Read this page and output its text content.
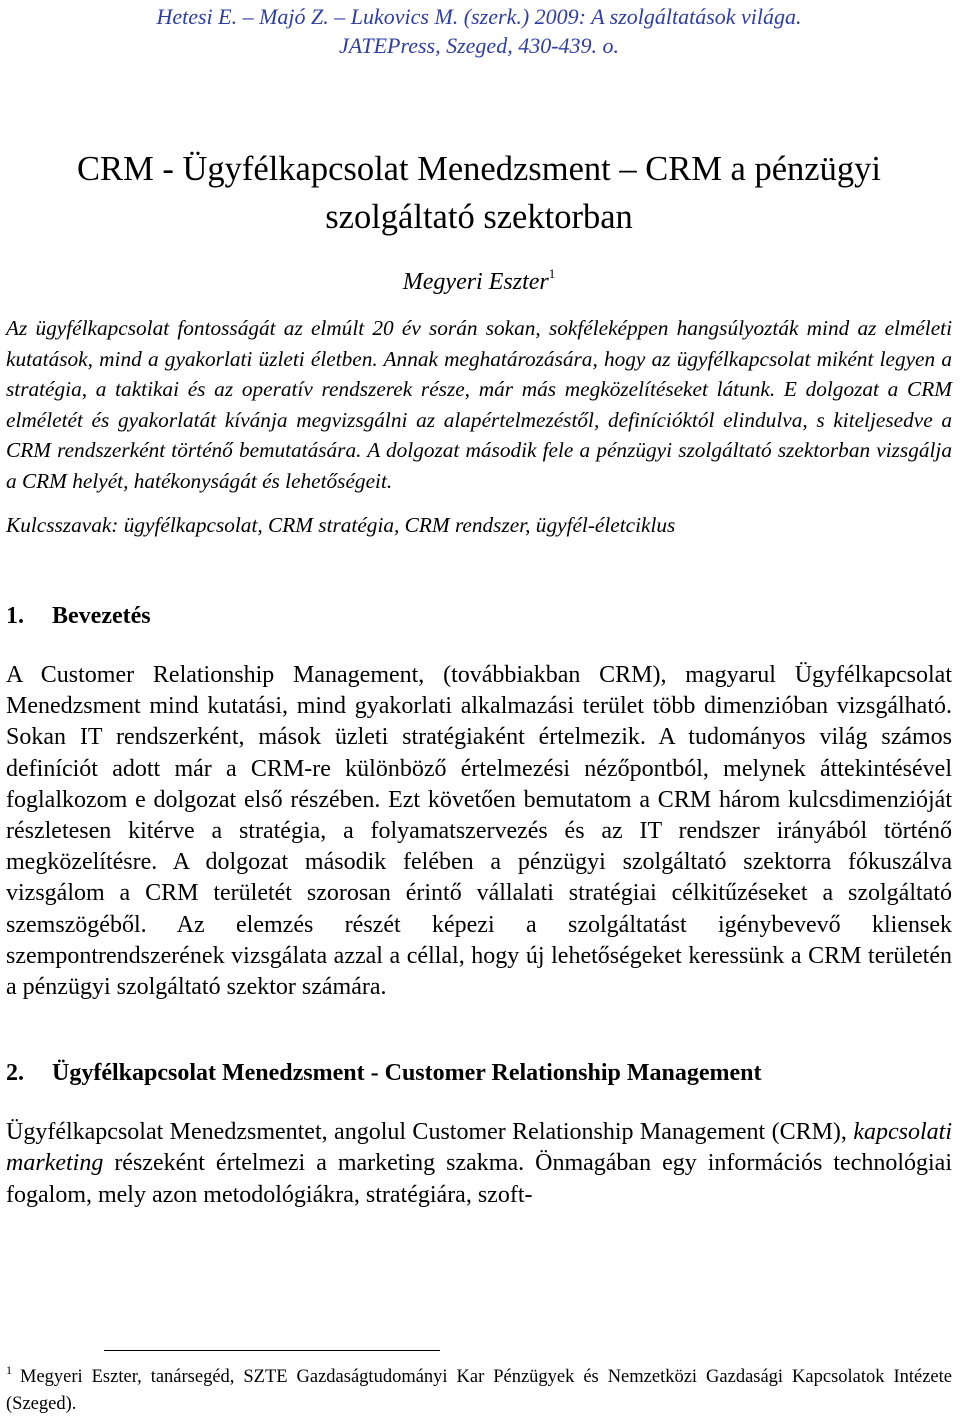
Hetesi E. – Majó Z. – Lukovics M. (szerk.) 2009: A szolgáltatások világa.
JATEPress, Szeged, 430-439. o.
CRM - Ügyfélkapcsolat Menedzsment – CRM a pénzügyi
szolgáltató szektorban
Megyeri Eszter$^1$
Az ügyfélkapcsolat fontosságát az elmúlt 20 év során sokan, sokféleképpen hangsúlyozták mind az elméleti kutatások, mind a gyakorlati üzleti életben. Annak meghatározására, hogy az ügyfélkapcsolat miként legyen a stratégia, a taktikai és az operatív rendszerek része, már más megközelítéseket látunk. E dolgozat a CRM elméletét és gyakorlatát kívánja megvizsgálni az alapértelmezéstől, definícióktól elindulva, s kiteljesedve a CRM rendszerként történő bemutatására. A dolgozat második fele a pénzügyi szolgáltató szektorban vizsgálja a CRM helyét, hatékonyságát és lehetőségeit.
Kulcsszavak: ügyfélkapcsolat, CRM stratégia, CRM rendszer, ügyfél-életciklus
1. Bevezetés
A Customer Relationship Management, (továbbiakban CRM), magyarul Ügyfélkapcsolat Menedzsment mind kutatási, mind gyakorlati alkalmazási terület több dimenzióban vizsgálható. Sokan IT rendszerként, mások üzleti stratégiaként értelmezik. A tudományos világ számos definíciót adott már a CRM-re különböző értelmezési nézőpontból, melynek áttekintésével foglalkozom e dolgozat első részében. Ezt követően bemutatom a CRM három kulcsdimenzióját részletesen kitérve a stratégia, a folyamatszervezés és az IT rendszer irányából történő megközelítésre. A dolgozat második felében a pénzügyi szolgáltató szektorra fókuszálva vizsgálom a CRM területét szorosan érintő vállalati stratégiai célkitűzéseket a szolgáltató szemszögéből. Az elemzés részét képezi a szolgáltatást igénybevevő kliensek szempontrendszerének vizsgálata azzal a céllal, hogy új lehetőségeket keressünk a CRM területén a pénzügyi szolgáltató szektor számára.
2. Ügyfélkapcsolat Menedzsment - Customer Relationship Management
Ügyfélkapcsolat Menedzsmentet, angolul Customer Relationship Management (CRM), kapcsolati marketing részeként értelmezi a marketing szakma. Önmagában egy információs technológiai fogalom, mely azon metodológiákra, stratégiára, szoft-
$^1$ Megyeri Eszter, tanársegéd, SZTE Gazdaságtudományi Kar Pénzügyek és Nemzetközi Gazdasági Kapcsolatok Intézete (Szeged).
